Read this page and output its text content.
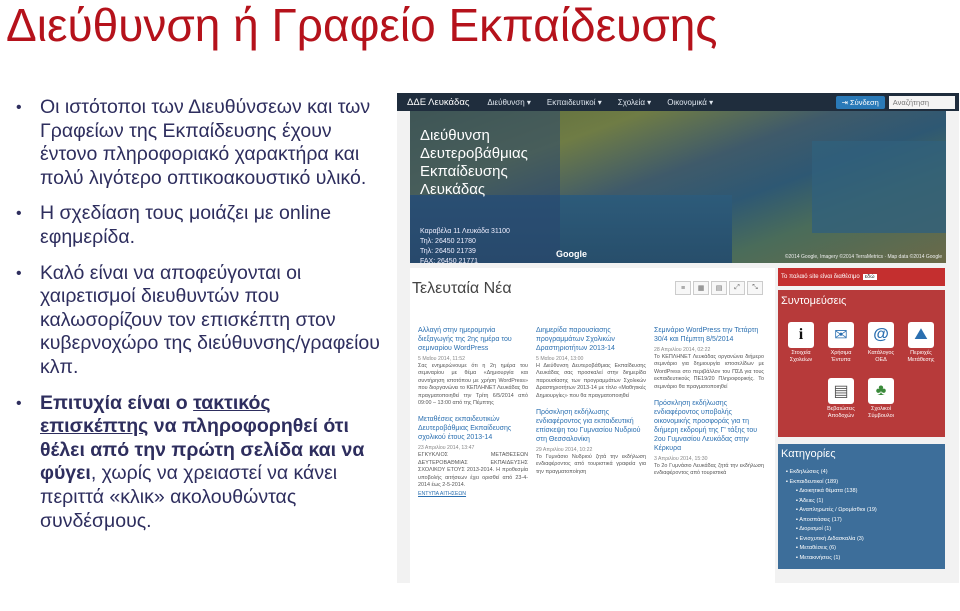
Διεύθυνση ή Γραφείο Εκπαίδευσης
• Οι ιστότοποι των Διευθύνσεων και των Γραφείων της Εκπαίδευσης έχουν έντονο πληροφοριακό χαρακτήρα και πολύ λιγότερο οπτικοακουστικό υλικό.
• Η σχεδίαση τους μοιάζει με online εφημερίδα.
• Καλό είναι να αποφεύγονται οι χαιρετισμοί διευθυντών που καλωσορίζουν τον επισκέπτη στον κυβερνοχώρο της διεύθυνσης/γραφείου κλπ.
• Επιτυχία είναι ο τακτικός επισκέπτης να πληροφορηθεί ότι θέλει από την πρώτη σελίδα και να φύγει, χωρίς να χρειαστεί να κάνει περιττά «κλικ» ακολουθώντας συνδέσμους.
ΔΔΕ Λευκάδας	Διεύθυνση ▾	Εκπαιδευτικοί ▾	Σχολεία ▾	Οικονομικά ▾	⇥ Σύνδεση	Αναζήτηση
Διεύθυνση Δευτεροβάθμιας Εκπαίδευσης Λευκάδας
Καραβέλα 11 Λευκάδα 31100
Τηλ: 26450 21780
Τηλ: 26450 21739
FAX: 26450 21771
Google	©2014 Google, Imagery ©2014 TerraMetrics · Map data ©2014 Google
Τελευταία Νέα	≡	▦	▤	⤢	⤡
Αλλαγή στην ημερομηνία διεξαγωγής της 2ης ημέρα του σεμιναρίου WordPress
5 Μαΐου 2014, 11:52
Σας ενημερώνουμε ότι η 2η ημέρα του σεμιναρίου με θέμα «Δημιουργία και συντήρηση ιστοτόπου με χρήση WordPress» που διοργανώνει το ΚΕΠΛΗΝΕΤ Λευκάδας θα πραγματοποιηθεί την Τρίτη 6/5/2014 από 09:00 – 13:00 από της Πέμπτης
Μεταθέσεις εκπαιδευτικών Δευτεροβάθμιας Εκπαίδευσης σχολικού έτους 2013-14
23 Απριλίου 2014, 13:47
ΕΓΚΥΚΛΙΟΣ ΜΕΤΑΘΕΣΕΩΝ ΔΕΥΤΕΡΟΒΑΘΜΙΑΣ ΕΚΠΑΙΔΕΥΣΗΣ ΣΧΟΛΙΚΟΥ ΕΤΟΥΣ 2013-2014. Η προθεσμία υποβολής αιτήσεων έχει ορισθεί από 23-4-2014 έως 2-5-2014.
ΕΝΤΥΠΑ ΑΙΤΗΣΕΩΝ
Διημερίδα παρουσίασης προγραμμάτων Σχολικών Δραστηριοτήτων 2013-14
5 Μαΐου 2014, 13:00
Η Διεύθυνση Δευτεροβάθμιας Εκπαίδευσης Λευκάδας σας προσκαλεί στην διημερίδα παρουσίασης των προγραμμάτων Σχολικών Δραστηριοτήτων 2013-14 με τίτλο «Μαθητικές Δημιουργίες» που θα πραγματοποιηθεί
Πρόσκληση εκδήλωσης ενδιαφέροντος για εκπαιδευτική επίσκεψη του Γυμνασίου Νυδριού στη Θεσσαλονίκη
29 Απριλίου 2014, 10:22
Το Γυμνάσιο Νυδριού ζητά την εκδήλωση ενδιαφέροντος από τουριστικά γραφεία για την πραγματοποίηση
Σεμινάριο WordPress την Τετάρτη 30/4 και Πέμπτη 8/5/2014
28 Απριλίου 2014, 02:22
Το ΚΕΠΛΗΝΕΤ Λευκάδας οργανώνει διήμερο σεμινάριο για δημιουργία ιστοσελίδων με WordPress στο περιβάλλον του ΠΣΔ για τους εκπαιδευτικούς ΠΕ19/20 Πληροφορικής. Το σεμινάριο θα πραγματοποιηθεί
Πρόσκληση εκδήλωσης ενδιαφέροντος υποβολής οικονομικής προσφοράς για τη διήμερη εκδρομή της Γ' τάξης του 2ου Γυμνασίου Λευκάδας στην Κέρκυρα
3 Απριλίου 2014, 15:30
Το 2ο Γυμνάσιο Λευκάδας ζητά την εκδήλωση ενδιαφέροντος από τουριστικά
Το παλαιό site είναι διαθέσιμο εδώ
Συντομεύσεις
i
Στοιχεία Σχολείων
✉
Χρήσιμα Έντυπα
@
Κατάλογος ΟΕΔ
⛰
Περιοχές Μετάθεσης
▤
Βεβαιώσεις Αποδοχών
♣
Σχολικοί Σύμβουλοι
Κατηγορίες
▪ Εκδηλώσεις (4)
▪ Εκπαιδευτικοί (189)
▪ Διοικητικά θέματα (138)
▪ Άδειες (1)
▪ Αναπληρωτές / Ωρομίσθιοι (19)
▪ Αποσπάσεις (17)
▪ Διορισμοί (1)
▪ Ενισχυτική Διδασκαλία (3)
▪ Μεταθέσεις (6)
▪ Μετακινήσεις (1)
